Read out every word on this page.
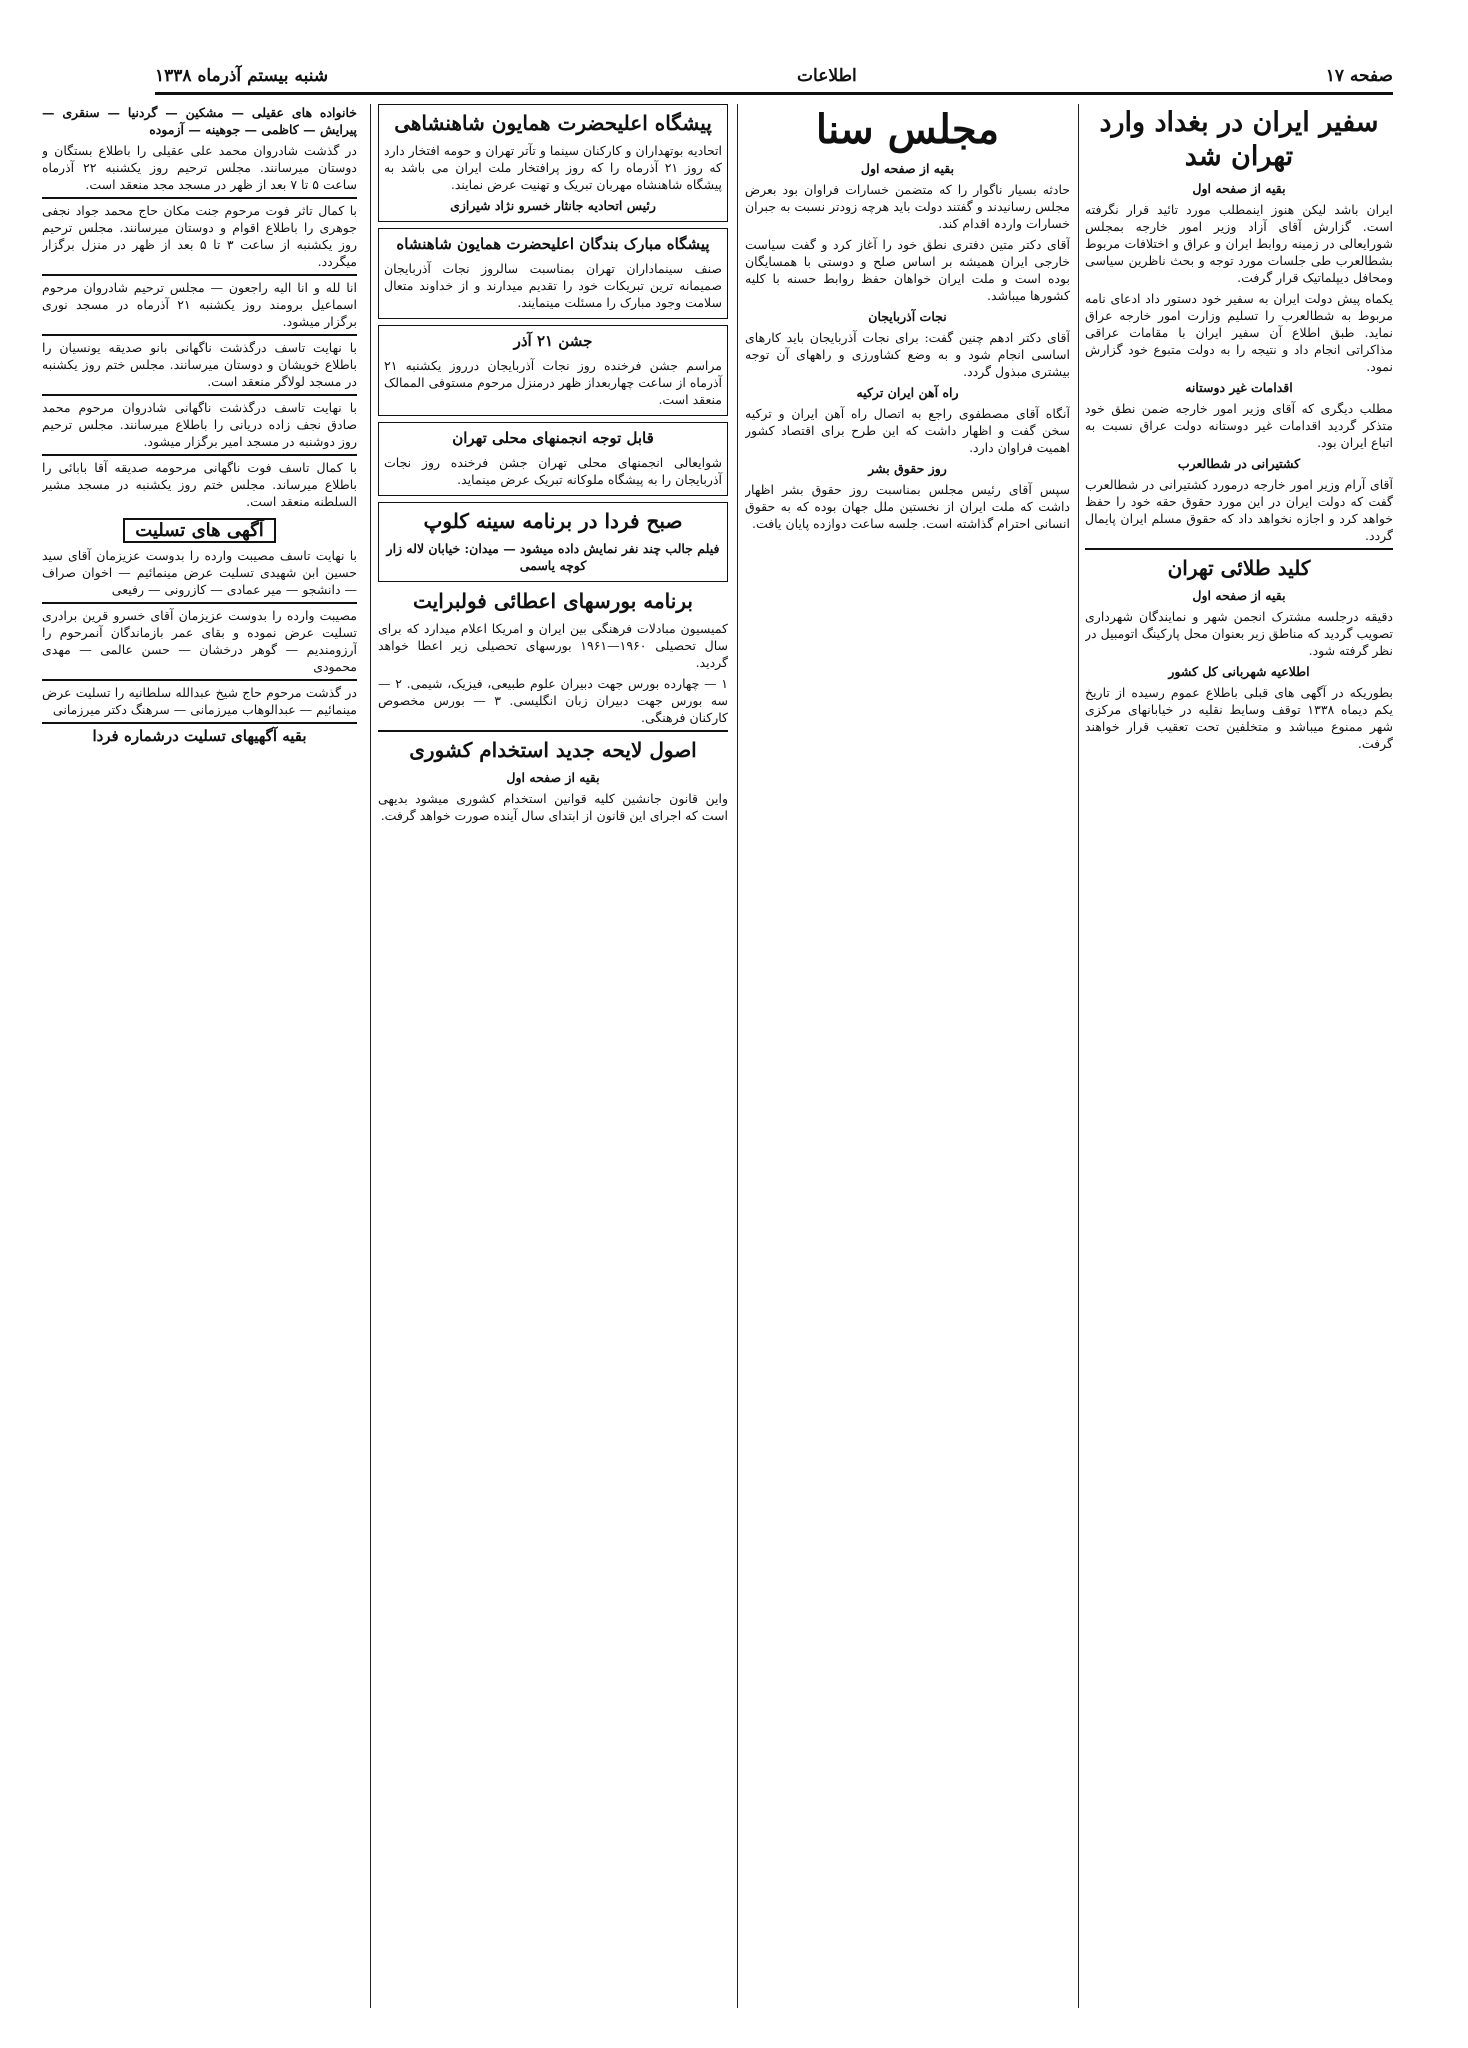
صفحه ۱۷
اطلاعات
شنبه بیستم آذرماه ۱۳۳۸
سفیر ایران در بغداد وارد تهران شد
بقیه از صفحه اول

ایران باشد لیکن هنوز اینمطلب مورد تائید قرار نگرفته است. گزارش آقای آزاد وزیر امور خارجه بمجلس شورایعالی در زمینه روابط ایران و عراق و اختلافات مربوط بشطالعرب طی جلسات مورد توجه و بحث ناظرین سیاسی ومحافل دیپلماتیک قرار گرفت.

یکماه پیش دولت ایران به سفیر خود دستور داد ادعای نامه مربوط به شطالعرب را تسلیم وزارت امور خارجه عراق نماید. طبق اطلاع آن سفیر ایران با مقامات عراقی مذاکراتی انجام داد و نتیجه را به دولت متبوع خود گزارش نمود.

اقدامات غیر دوستانه

مطلب دیگری که آقای وزیر امور خارجه ضمن نطق خود متذکر گردید اقدامات غیر دوستانه دولت عراق نسبت به اتباع ایران بود.

کشتیرانی در شطالعرب

آقای آرام وزیر امور خارجه درمورد کشتیرانی در شطالعرب گفت که دولت ایران در این مورد حقوق حقه خود را حفظ خواهد کرد و اجازه نخواهد داد که حقوق مسلم ایران پایمال گردد.

کلید طلائی تهران
بقیه از صفحه اول

دقیقه درجلسه مشترک انجمن شهر و نمایندگان شهرداری تصویب گردید که مناطق زیر بعنوان محل پارکینگ اتومبیل در نظر گرفته شود.

اطلاعیه شهربانی کل کشور

بطوریکه در آگهی های قبلی باطلاع عموم رسیده از تاریخ یکم دیماه ۱۳۳۸ توقف وسایط نقلیه در خیابانهای مرکزی شهر ممنوع میباشد و متخلفین تحت تعقیب قرار خواهند گرفت.

مجلس سنا
بقیه از صفحه اول

حادثه بسیار ناگوار را که متضمن خسارات فراوان بود بعرض مجلس رسانیدند و گفتند دولت باید هرچه زودتر نسبت به جبران خسارات واردہ اقدام کند.

آقای دکتر متین دفتری نطق خود را آغاز کرد و گفت سیاست خارجی ایران همیشه بر اساس صلح و دوستی با همسایگان بوده است و ملت ایران خواهان حفظ روابط حسنه با کلیه کشورها میباشد.

نجات آذربایجان

آقای دکتر ادهم چنین گفت: برای نجات آذربایجان باید کارهای اساسی انجام شود و به وضع کشاورزی و راههای آن توجه بیشتری مبذول گردد.

راه آهن ایران ترکیه

آنگاه آقای مصطفوی راجع به اتصال راه آهن ایران و ترکیه سخن گفت و اظهار داشت که این طرح برای اقتصاد کشور اهمیت فراوان دارد.

روز حقوق بشر

سپس آقای رئیس مجلس بمناسبت روز حقوق بشر اظهار داشت که ملت ایران از نخستین ملل جهان بوده که به حقوق انسانی احترام گذاشته است. جلسه ساعت دوازده پایان یافت.

پیشگاه اعلیحضرت همایون شاهنشاهی

اتحادیه بوتهداران و کارکنان سینما و تآتر تهران و حومه افتخار دارد که روز ۲۱ آذرماه را که روز پرافتخار ملت ایران می باشد به پیشگاه شاهنشاه مهربان تبریک و تهنیت عرض نمایند.

رئیس اتحادیه جانثار خسرو نژاد شیرازی

پیشگاه مبارک بندگان اعلیحضرت همایون شاهنشاه

صنف سینماداران تهران بمناسبت سالروز نجات آذربایجان صمیمانه ترین تبریکات خود را تقدیم میدارند و از خداوند متعال سلامت وجود مبارک را مسئلت مینمایند.

جشن ۲۱ آذر

مراسم جشن فرخنده روز نجات آذربایجان درروز یکشنبه ۲۱ آذرماه از ساعت چهاربعداز ظهر درمنزل مرحوم مستوفی الممالک منعقد است.

قابل توجه انجمنهای محلی تهران

شوایعالی انجمنهای محلی تهران جشن فرخنده روز نجات آذربایجان را به پیشگاه ملوکانه تبریک عرض مینماید.

صبح فردا در برنامه سینه کلوپ

فیلم جالب چند نفر نمایش داده میشود — میدان: خیابان لاله زار کوچه یاسمی

برنامه بورسهای اعطائی فولبرایت

کمیسیون مبادلات فرهنگی بین ایران و امریکا اعلام میدارد که برای سال تحصیلی ۱۹۶۰—۱۹۶۱ بورسهای تحصیلی زیر اعطا خواهد گردید.

۱ — چهارده بورس جهت دبیران علوم طبیعی، فیزیک، شیمی. ۲ — سه بورس جهت دبیران زبان انگلیسی. ۳ — بورس مخصوص کارکنان فرهنگی.

اصول لایحه جدید استخدام کشوری
بقیه از صفحه اول

واین قانون جانشین کلیه قوانین استخدام کشوری میشود بدیهی است که اجرای این قانون از ابتدای سال آینده صورت خواهد گرفت.

خانواده های عقیلی — مشکین — گردنیا — سنقری — پیرایش — کاظمی — جوهینه — آزموده

در گذشت شادروان محمد علی عقیلی را باطلاع بستگان و دوستان میرسانند. مجلس ترحیم روز یکشنبه ۲۲ آذرماه ساعت ۵ تا ۷ بعد از ظهر در مسجد مجد منعقد است.

با کمال تاثر فوت مرحوم جنت مکان حاج محمد جواد نجفی جوهری را باطلاع اقوام و دوستان میرسانند. مجلس ترحیم روز یکشنبه از ساعت ۳ تا ۵ بعد از ظهر در منزل برگزار میگردد.

انا لله و انا الیه راجعون — مجلس ترحیم شادروان مرحوم اسماعیل برومند روز یکشنبه ۲۱ آذرماه در مسجد نوری برگزار میشود.

با نهایت تاسف درگذشت ناگهانی بانو صدیقه یونسیان را باطلاع خویشان و دوستان میرسانند. مجلس ختم روز یکشنبه در مسجد لولاگر منعقد است.

با نهایت تاسف درگذشت ناگهانی شادروان مرحوم محمد صادق نجف زاده دریانی را باطلاع میرسانند. مجلس ترحیم روز دوشنبه در مسجد امیر برگزار میشود.

با کمال تاسف فوت ناگهانی مرحومه صدیقه آقا بابائی را باطلاع میرساند. مجلس ختم روز یکشنبه در مسجد مشیر السلطنه منعقد است.

آگهی های تسلیت

با نهایت تاسف مصیبت وارده را بدوست عزیزمان آقای سید حسین ابن شهیدی تسلیت عرض مینمائیم — اخوان صراف — دانشجو — میر عمادی — کازرونی — رفیعی

مصیبت وارده را بدوست عزیزمان آقای خسرو قرین برادری تسلیت عرض نموده و بقای عمر بازماندگان آنمرحوم را آرزومندیم — گوهر درخشان — حسن عالمی — مهدی محمودی

در گذشت مرحوم حاج شیخ عبدالله سلطانیه را تسلیت عرض مینمائیم — عبدالوهاب میرزمانی — سرهنگ دکتر میرزمانی

بقیه آگهیهای تسلیت درشماره فردا
